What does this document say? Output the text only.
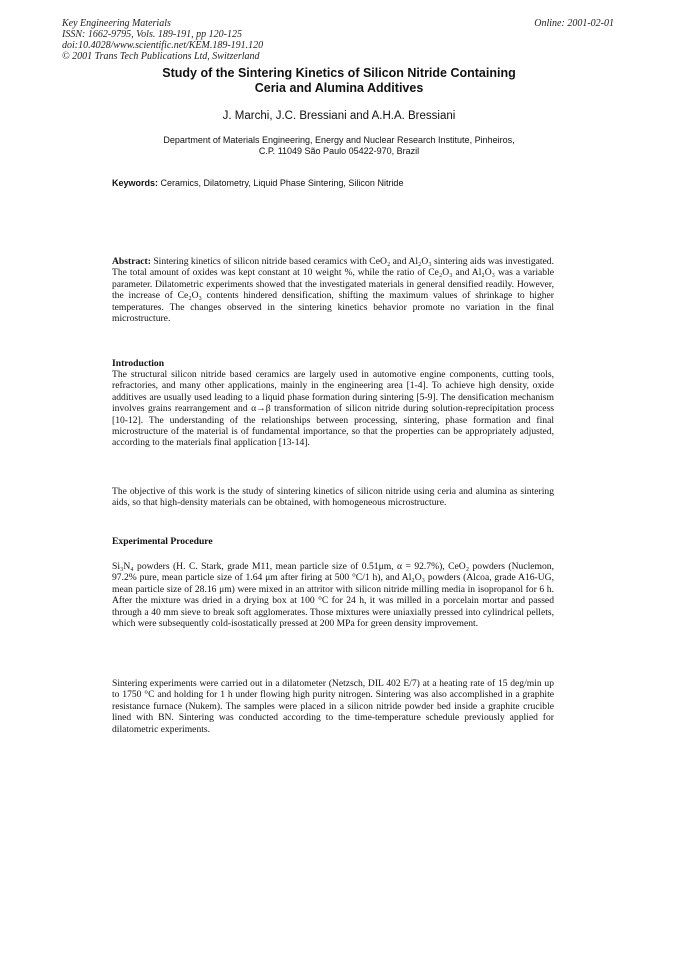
Key Engineering Materials
ISSN: 1662-9795, Vols. 189-191, pp 120-125
doi:10.4028/www.scientific.net/KEM.189-191.120
© 2001 Trans Tech Publications Ltd, Switzerland
Online: 2001-02-01
Study of the Sintering Kinetics of Silicon Nitride Containing
Ceria and Alumina Additives
J. Marchi, J.C. Bressiani and A.H.A. Bressiani
Department of Materials Engineering, Energy and Nuclear Research Institute, Pinheiros,
C.P. 11049 São Paulo 05422-970, Brazil
Keywords: Ceramics, Dilatometry, Liquid Phase Sintering, Silicon Nitride
Abstract: Sintering kinetics of silicon nitride based ceramics with CeO₂ and Al₂O₃ sintering aids was investigated. The total amount of oxides was kept constant at 10 weight %, while the ratio of Ce₂O₃ and Al₂O₃ was a variable parameter. Dilatometric experiments showed that the investigated materials in general densified readily. However, the increase of Ce₂O₃ contents hindered densification, shifting the maximum values of shrinkage to higher temperatures. The changes observed in the sintering kinetics behavior promote no variation in the final microstructure.
Introduction
The structural silicon nitride based ceramics are largely used in automotive engine components, cutting tools, refractories, and many other applications, mainly in the engineering area [1-4]. To achieve high density, oxide additives are usually used leading to a liquid phase formation during sintering [5-9]. The densification mechanism involves grains rearrangement and α→β transformation of silicon nitride during solution-reprecipitation process [10-12]. The understanding of the relationships between processing, sintering, phase formation and final microstructure of the material is of fundamental importance, so that the properties can be appropriately adjusted, according to the materials final application [13-14].
The objective of this work is the study of sintering kinetics of silicon nitride using ceria and alumina as sintering aids, so that high-density materials can be obtained, with homogeneous microstructure.
Experimental Procedure
Si₃N₄ powders (H. C. Stark, grade M11, mean particle size of 0.51μm, α = 92.7%), CeO₂ powders (Nuclemon, 97.2% pure, mean particle size of 1.64 μm after firing at 500 °C/1 h), and Al₂O₃ powders (Alcoa, grade A16-UG, mean particle size of 28.16 μm) were mixed in an attritor with silicon nitride milling media in isopropanol for 6 h. After the mixture was dried in a drying box at 100 °C for 24 h, it was milled in a porcelain mortar and passed through a 40 mm sieve to break soft agglomerates. Those mixtures were uniaxially pressed into cylindrical pellets, which were subsequently cold-isostatically pressed at 200 MPa for green density improvement.
Sintering experiments were carried out in a dilatometer (Netzsch, DIL 402 E/7) at a heating rate of 15 deg/min up to 1750 °C and holding for 1 h under flowing high purity nitrogen. Sintering was also accomplished in a graphite resistance furnace (Nukem). The samples were placed in a silicon nitride powder bed inside a graphite crucible lined with BN. Sintering was conducted according to the time-temperature schedule previously applied for dilatometric experiments.
